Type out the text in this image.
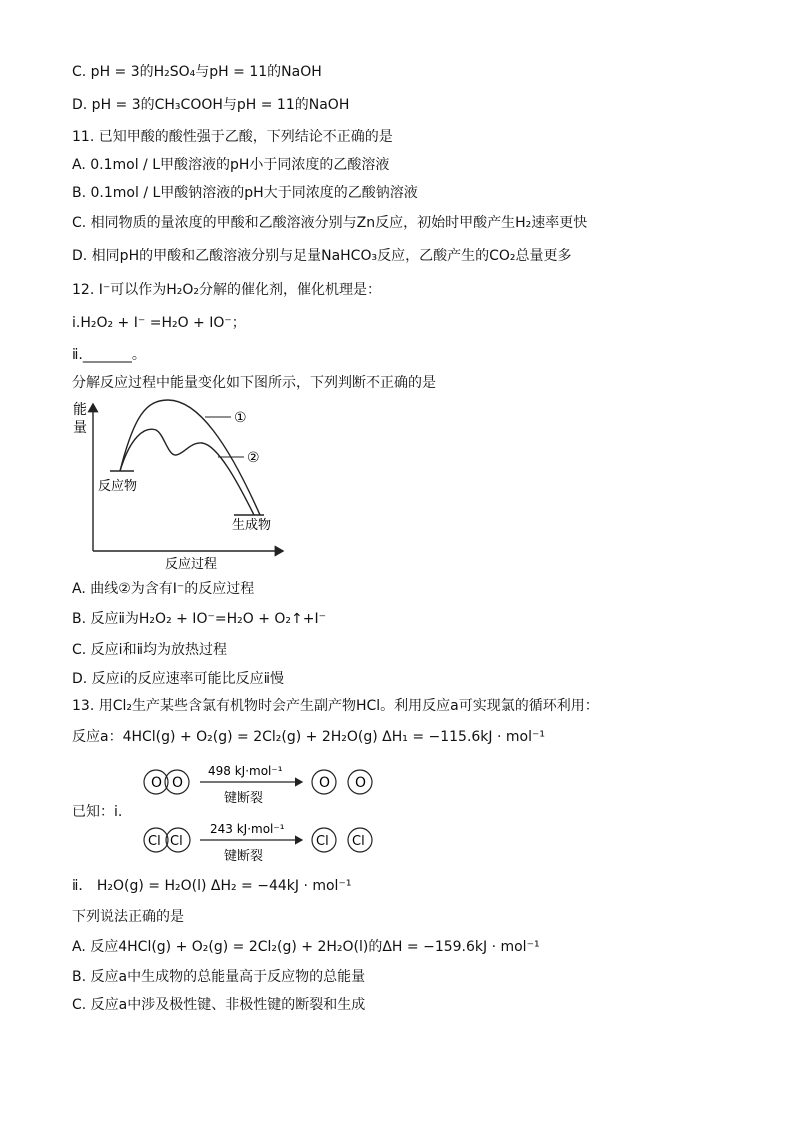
C. pH = 3的H₂SO₄与pH = 11的NaOH
D. pH = 3的CH₃COOH与pH = 11的NaOH
11. 已知甲酸的酸性强于乙酸，下列结论不正确的是
A. 0.1mol / L甲酸溶液的pH小于同浓度的乙酸溶液
B. 0.1mol / L甲酸钠溶液的pH大于同浓度的乙酸钠溶液
C. 相同物质的量浓度的甲酸和乙酸溶液分别与Zn反应，初始时甲酸产生H₂速率更快
D. 相同pH的甲酸和乙酸溶液分别与足量NaHCO₃反应，乙酸产生的CO₂总量更多
12. I⁻可以作为H₂O₂分解的催化剂，催化机理是：
ⅰ.H₂O₂ + I⁻ =H₂O + IO⁻；
ⅱ._______。
分解反应过程中能量变化如下图所示，下列判断不正确的是
能
量
反应过程
反应物
生成物
①
②
A. 曲线②为含有I⁻的反应过程
B. 反应ⅱ为H₂O₂ + IO⁻=H₂O + O₂↑+I⁻
C. 反应ⅰ和ⅱ均为放热过程
D. 反应ⅰ的反应速率可能比反应ⅱ慢
13. 用Cl₂生产某些含氯有机物时会产生副产物HCl。利用反应a可实现氯的循环利用：
反应a：4HCl(g) + O₂(g) = 2Cl₂(g) + 2H₂O(g) ΔH₁ = −115.6kJ · mol⁻¹
O O
498 kJ·mol⁻¹
键断裂
O O
已知：ⅰ.
Cl Cl
243 kJ·mol⁻¹
键断裂
Cl Cl
ⅱ． H₂O(g) = H₂O(l) ΔH₂ = −44kJ · mol⁻¹
下列说法正确的是
A. 反应4HCl(g) + O₂(g) = 2Cl₂(g) + 2H₂O(l)的ΔH = −159.6kJ · mol⁻¹
B. 反应a中生成物的总能量高于反应物的总能量
C. 反应a中涉及极性键、非极性键的断裂和生成
